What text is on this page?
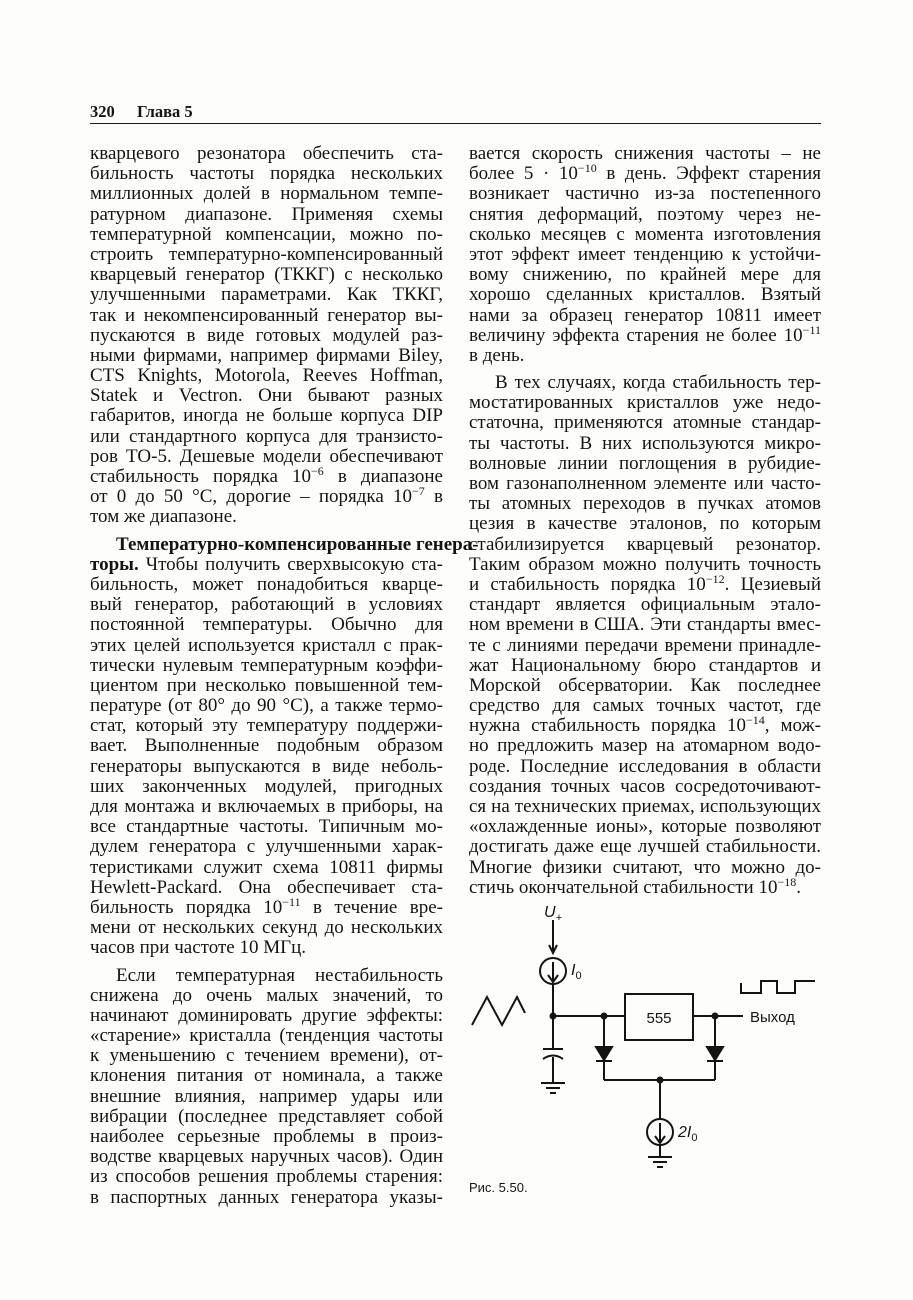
320 Глава 5

кварцевого резонатора обеспечить ста-

бильность частоты порядка нескольких

миллионных долей в нормальном темпе-

ратурном диапазоне. Применяя схемы

температурной компенсации, можно по-

строить температурно-компенсированный

кварцевый генератор (ТККГ) с несколько

улучшенными параметрами. Как ТККГ,

так и некомпенсированный генератор вы-

пускаются в виде готовых модулей раз-

ными фирмами, например фирмами Biley,

CTS Knights, Motorola, Reeves Hoffman,

Statek и Vectron. Они бывают разных

габаритов, иногда не больше корпуса DIP

или стандартного корпуса для транзисто-

ров ТО-5. Дешевые модели обеспечивают

стабильность порядка $10^{-6}$ в диапазоне

от 0 до 50 °C, дорогие – порядка $10^{-7}$ в

том же диапазоне.

Температурно-компенсированные генера-

торы. Чтобы получить сверхвысокую ста-

бильность, может понадобиться кварце-

вый генератор, работающий в условиях

постоянной температуры. Обычно для

этих целей используется кристалл с прак-

тически нулевым температурным коэффи-

циентом при несколько повышенной тем-

пературе (от 80° до 90 °C), а также термо-

стат, который эту температуру поддержи-

вает. Выполненные подобным образом

генераторы выпускаются в виде неболь-

ших законченных модулей, пригодных

для монтажа и включаемых в приборы, на

все стандартные частоты. Типичным мо-

дулем генератора с улучшенными харак-

теристиками служит схема 10811 фирмы

Hewlett-Packard. Она обеспечивает ста-

бильность порядка $10^{-11}$ в течение вре-

мени от нескольких секунд до нескольких

часов при частоте 10 МГц.

Если температурная нестабильность

снижена до очень малых значений, то

начинают доминировать другие эффекты:

«старение» кристалла (тенденция частоты

к уменьшению с течением времени), от-

клонения питания от номинала, а также

внешние влияния, например удары или

вибрации (последнее представляет собой

наиболее серьезные проблемы в произ-

водстве кварцевых наручных часов). Один

из способов решения проблемы старения:

в паспортных данных генератора указы-

вается скорость снижения частоты – не

более $5 \cdot 10^{-10}$ в день. Эффект старения

возникает частично из-за постепенного

снятия деформаций, поэтому через не-

сколько месяцев с момента изготовления

этот эффект имеет тенденцию к устойчи-

вому снижению, по крайней мере для

хорошо сделанных кристаллов. Взятый

нами за образец генератор 10811 имеет

величину эффекта старения не более $10^{-11}$

в день.

В тех случаях, когда стабильность тер-

мостатированных кристаллов уже недо-

статочна, применяются атомные стандар-

ты частоты. В них используются микро-

волновые линии поглощения в рубидие-

вом газонаполненном элементе или часто-

ты атомных переходов в пучках атомов

цезия в качестве эталонов, по которым

стабилизируется кварцевый резонатор.

Таким образом можно получить точность

и стабильность порядка $10^{-12}$. Цезиевый

стандарт является официальным этало-

ном времени в США. Эти стандарты вмес-

те с линиями передачи времени принадле-

жат Национальному бюро стандартов и

Морской обсерватории. Как последнее

средство для самых точных частот, где

нужна стабильность порядка $10^{-14}$, мож-

но предложить мазер на атомарном водо-

роде. Последние исследования в области

создания точных часов сосредоточивают-

ся на технических приемах, использующих

«охлажденные ионы», которые позволяют

достигать даже еще лучшей стабильности.

Многие физики считают, что можно до-

стичь окончательной стабильности $10^{-18}$.

$U_+$
$I_0$
555	Выход
$2I_0$
Рис. 5.50.
